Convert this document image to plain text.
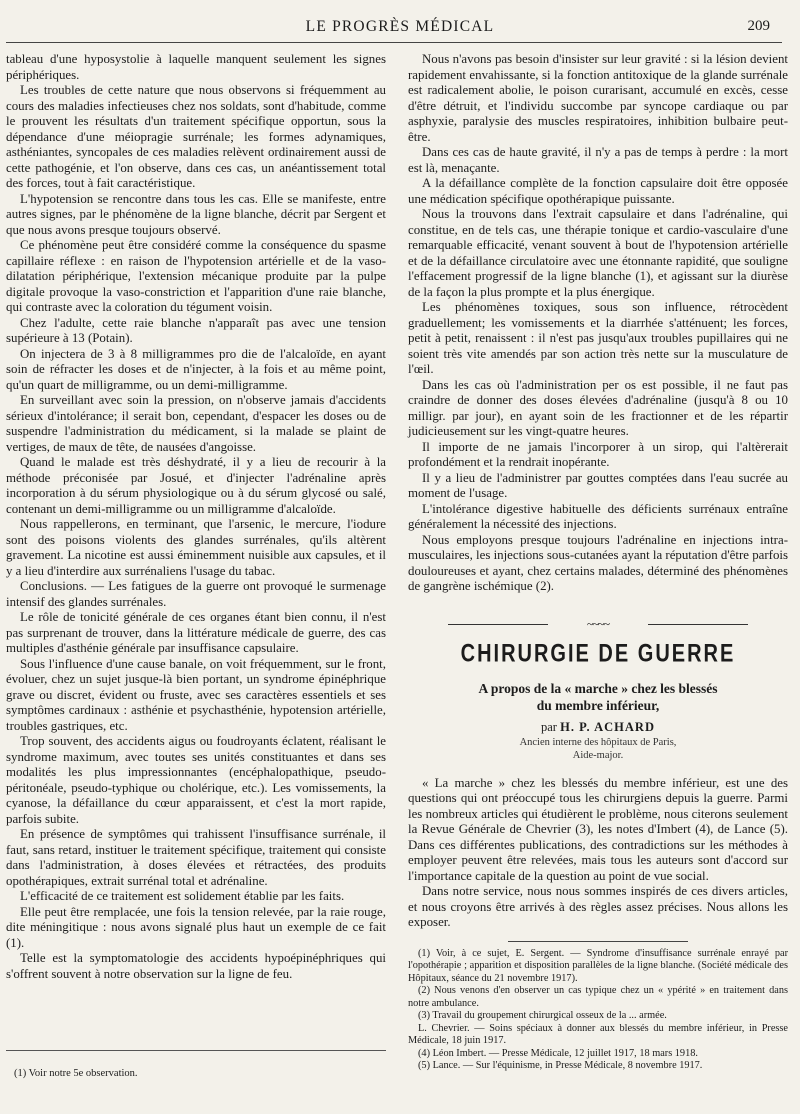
LE PROGRÈS MÉDICAL	209

tableau d'une hyposystolie à laquelle manquent seulement les signes périphériques.

Les troubles de cette nature que nous observons si fréquemment au cours des maladies infectieuses chez nos soldats, sont d'habitude, comme le prouvent les résultats d'un traitement spécifique opportun, sous la dépendance d'une méiopragie surrénale; les formes adynamiques, asthéniantes, syncopales de ces maladies relèvent ordinairement aussi de cette pathogénie, et l'on observe, dans ces cas, un anéantissement total des forces, tout à fait caractéristique.

L'hypotension se rencontre dans tous les cas. Elle se manifeste, entre autres signes, par le phénomène de la ligne blanche, décrit par Sergent et que nous avons presque toujours observé.

Ce phénomène peut être considéré comme la conséquence du spasme capillaire réflexe : en raison de l'hypotension artérielle et de la vaso-dilatation périphérique, l'extension mécanique produite par la pulpe digitale provoque la vaso-constriction et l'apparition d'une raie blanche, qui contraste avec la coloration du tégument voisin.

Chez l'adulte, cette raie blanche n'apparaît pas avec une tension supérieure à 13 (Potain).

On injectera de 3 à 8 milligrammes pro die de l'alcaloïde, en ayant soin de réfracter les doses et de n'injecter, à la fois et au même point, qu'un quart de milligramme, ou un demi-milligramme.

En surveillant avec soin la pression, on n'observe jamais d'accidents sérieux d'intolérance; il serait bon, cependant, d'espacer les doses ou de suspendre l'administration du médicament, si la malade se plaint de vertiges, de maux de tête, de nausées d'angoisse.

Quand le malade est très déshydraté, il y a lieu de recourir à la méthode préconisée par Josué, et d'injecter l'adrénaline après incorporation à du sérum physiologique ou à du sérum glycosé ou salé, contenant un demi-milligramme ou un milligramme d'alcaloïde.

Nous rappellerons, en terminant, que l'arsenic, le mercure, l'iodure sont des poisons violents des glandes surrénales, qu'ils altèrent gravement. La nicotine est aussi éminemment nuisible aux capsules, et il y a lieu d'interdire aux surrénaliens l'usage du tabac.

Conclusions. — Les fatigues de la guerre ont provoqué le surmenage intensif des glandes surrénales.

Le rôle de tonicité générale de ces organes étant bien connu, il n'est pas surprenant de trouver, dans la littérature médicale de guerre, des cas multiples d'asthénie générale par insuffisance capsulaire.

Sous l'influence d'une cause banale, on voit fréquemment, sur le front, évoluer, chez un sujet jusque-là bien portant, un syndrome épinéphrique grave ou discret, évident ou fruste, avec ses caractères essentiels et ses symptômes cardinaux : asthénie et psychasthénie, hypotension artérielle, troubles gastriques, etc.

Trop souvent, des accidents aigus ou foudroyants éclatent, réalisant le syndrome maximum, avec toutes ses unités constituantes et dans ses modalités les plus impressionnantes (encéphalopathique, pseudo-péritonéale, pseudo-typhique ou cholérique, etc.). Les vomissements, la cyanose, la défaillance du cœur apparaissent, et c'est la mort rapide, parfois subite.

En présence de symptômes qui trahissent l'insuffisance surrénale, il faut, sans retard, instituer le traitement spécifique, traitement qui consiste dans l'administration, à doses élevées et rétractées, des produits opothérapiques, extrait surrénal total et adrénaline.

L'efficacité de ce traitement est solidement établie par les faits.

Elle peut être remplacée, une fois la tension relevée, par la raie rouge, dite méningitique : nous avons signalé plus haut un exemple de ce fait (1).

Telle est la symptomatologie des accidents hypoépinéphriques qui s'offrent souvent à notre observation sur la ligne de feu.

(1) Voir notre 5e observation.

Nous n'avons pas besoin d'insister sur leur gravité : si la lésion devient rapidement envahissante, si la fonction antitoxique de la glande surrénale est radicalement abolie, le poison curarisant, accumulé en excès, cesse d'être détruit, et l'individu succombe par syncope cardiaque ou par asphyxie, paralysie des muscles respiratoires, inhibition bulbaire peut-être.

Dans ces cas de haute gravité, il n'y a pas de temps à perdre : la mort est là, menaçante.

A la défaillance complète de la fonction capsulaire doit être opposée une médication spécifique opothérapique puissante.

Nous la trouvons dans l'extrait capsulaire et dans l'adrénaline, qui constitue, en de tels cas, une thérapie tonique et cardio-vasculaire d'une remarquable efficacité, venant souvent à bout de l'hypotension artérielle et de la défaillance circulatoire avec une étonnante rapidité, que souligne l'effacement progressif de la ligne blanche (1), et agissant sur la diurèse de la façon la plus prompte et la plus énergique.

Les phénomènes toxiques, sous son influence, rétrocèdent graduellement; les vomissements et la diarrhée s'atténuent; les forces, petit à petit, renaissent : il n'est pas jusqu'aux troubles pupillaires qui ne soient très vite amendés par son action très nette sur la musculature de l'œil.

Dans les cas où l'administration per os est possible, il ne faut pas craindre de donner des doses élevées d'adrénaline (jusqu'à 8 ou 10 milligr. par jour), en ayant soin de les fractionner et de les répartir judicieusement sur les vingt-quatre heures.

Il importe de ne jamais l'incorporer à un sirop, qui l'altèrerait profondément et la rendrait inopérante.

Il y a lieu de l'administrer par gouttes comptées dans l'eau sucrée au moment de l'usage.

L'intolérance digestive habituelle des déficients surrénaux entraîne généralement la nécessité des injections.

Nous employons presque toujours l'adrénaline en injections intra-musculaires, les injections sous-cutanées ayant la réputation d'être parfois douloureuses et ayant, chez certains malades, déterminé des phénomènes de gangrène ischémique (2).

~~~~
CHIRURGIE DE GUERRE
A propos de la « marche » chez les blessés
du membre inférieur,
par H. P. ACHARD
Ancien interne des hôpitaux de Paris,
Aide-major.

« La marche » chez les blessés du membre inférieur, est une des questions qui ont préoccupé tous les chirurgiens depuis la guerre. Parmi les nombreux articles qui étudièrent le problème, nous citerons seulement la Revue Générale de Chevrier (3), les notes d'Imbert (4), de Lance (5). Dans ces différentes publications, des contradictions sur les méthodes à employer peuvent être relevées, mais tous les auteurs sont d'accord sur l'importance capitale de la question au point de vue social.

Dans notre service, nous nous sommes inspirés de ces divers articles, et nous croyons être arrivés à des règles assez précises. Nous allons les exposer.

(1) Voir, à ce sujet, E. Sergent. — Syndrome d'insuffisance surrénale enrayé par l'opothérapie ; apparition et disposition parallèles de la ligne blanche. (Société médicale des Hôpitaux, séance du 21 novembre 1917).
(2) Nous venons d'en observer un cas typique chez un « ypérité » en traitement dans notre ambulance.
(3) Travail du groupement chirurgical osseux de la ... armée.
L. Chevrier. — Soins spéciaux à donner aux blessés du membre inférieur, in Presse Médicale, 18 juin 1917.
(4) Léon Imbert. — Presse Médicale, 12 juillet 1917, 18 mars 1918.
(5) Lance. — Sur l'équinisme, in Presse Médicale, 8 novembre 1917.
